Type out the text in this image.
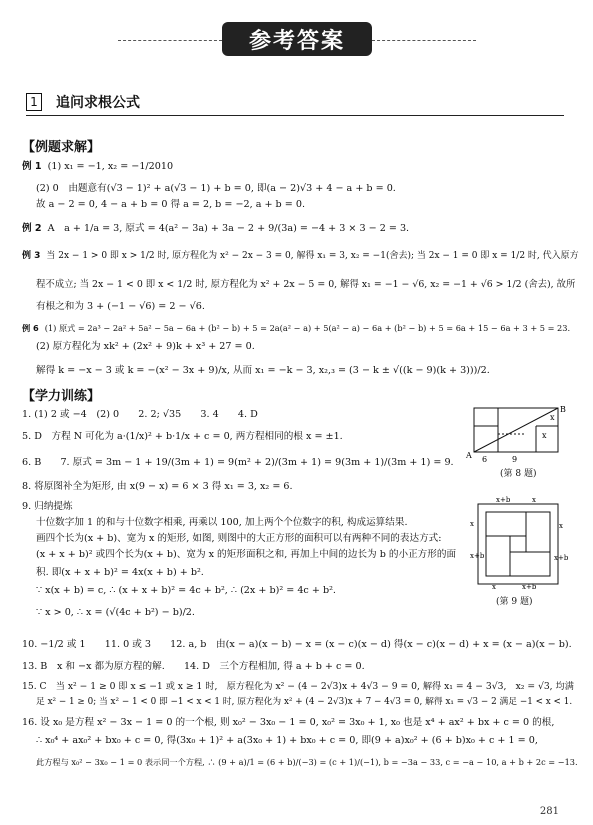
参考答案
1 追问求根公式
【例题求解】
【学力训练】
例 1 (1) x₁ = −1, x₂ = −1/2010
(2) 0　由题意有(√3 − 1)² + a(√3 − 1) + b = 0, 即(a − 2)√3 + 4 − a + b = 0.
故 a − 2 = 0, 4 − a + b = 0 得 a = 2, b = −2, a + b = 0.
例 2 A　a + 1/a = 3, 原式 = 4(a² − 3a) + 3a − 2 + 9/(3a) = −4 + 3 × 3 − 2 = 3.
例 3 当 2x − 1 > 0 即 x > 1/2 时, 原方程化为 x² − 2x − 3 = 0, 解得 x₁ = 3, x₂ = −1(舍去); 当 2x − 1 = 0 即 x = 1/2 时, 代入原方
程不成立; 当 2x − 1 < 0 即 x < 1/2 时, 原方程化为 x² + 2x − 5 = 0, 解得 x₁ = −1 − √6, x₂ = −1 + √6 > 1/2 (舍去), 故所
有根之和为 3 + (−1 − √6) = 2 − √6.
例 6 (1) 原式 = 2a³ − 2a² + 5a² − 5a − 6a + (b² − b) + 5 = 2a(a² − a) + 5(a² − a) − 6a + (b² − b) + 5 = 6a + 15 − 6a + 3 + 5 = 23.
(2) 原方程化为 xk² + (2x² + 9)k + x³ + 27 = 0.
解得 k = −x − 3 或 k = −(x² − 3x + 9)/x, 从而 x₁ = −k − 3, x₂,₃ = (3 − k ± √((k − 9)(k + 3)))/2.
1. (1) 2 或 −4　(2) 0　　2. 2; √35　　3. 4　　4. D
5. D　方程 N 可化为 a·(1/x)² + b·1/x + c = 0, 两方程相同的根 x = ±1.
6. B　　7. 原式 = 3m − 1 + 19/(3m + 1) = 9(m² + 2)/(3m + 1) = 9(3m + 1)/(3m + 1) = 9.
8. 将原图补全为矩形, 由 x(9 − x) = 6 × 3 得 x₁ = 3, x₂ = 6.
9. 归纳提炼
十位数字加 1 的和与十位数字相乘, 再乘以 100, 加上两个个位数字的积, 构成运算结果.
画四个长为(x + b)、宽为 x 的矩形, 如图, 则图中的大正方形的面积可以有两种不同的表达方式:
(x + x + b)² 或四个长为(x + b)、宽为 x 的矩形面积之和, 再加上中间的边长为 b 的小正方形的面
积. 即(x + x + b)² = 4x(x + b) + b².
∵ x(x + b) = c, ∴ (x + x + b)² = 4c + b², ∴ (2x + b)² = 4c + b².
∵ x > 0, ∴ x = (√(4c + b²) − b)/2.
10. −1/2 或 1　　11. 0 或 3　　12. a, b　由(x − a)(x − b) − x = (x − c)(x − d) 得(x − c)(x − d) + x = (x − a)(x − b).
13. B　x 和 −x 都为原方程的解.　　14. D　三个方程相加, 得 a + b + c = 0.
15. C　当 x² − 1 ≥ 0 即 x ≤ −1 或 x ≥ 1 时,　原方程化为 x² − (4 − 2√3)x + 4√3 − 9 = 0, 解得 x₁ = 4 − 3√3,　x₂ = √3, 均满
足 x² − 1 ≥ 0; 当 x² − 1 < 0 即 −1 < x < 1 时, 原方程化为 x² + (4 − 2√3)x + 7 − 4√3 = 0, 解得 x₁ = √3 − 2 满足 −1 < x < 1.
16. 设 x₀ 是方程 x² − 3x − 1 = 0 的一个根, 则 x₀² − 3x₀ − 1 = 0, x₀² = 3x₀ + 1, x₀ 也是 x⁴ + ax² + bx + c = 0 的根,
∴ x₀⁴ + ax₀² + bx₀ + c = 0, 得(3x₀ + 1)² + a(3x₀ + 1) + bx₀ + c = 0, 即(9 + a)x₀² + (6 + b)x₀ + c + 1 = 0,
此方程与 x₀² − 3x₀ − 1 = 0 表示同一个方程, ∴ (9 + a)/1 = (6 + b)/(−3) = (c + 1)/(−1), b = −3a − 33, c = −a − 10, a + b + 2c = −13.
B
A 6	9
x
x
(第 8 题)
x+b	x
x
x+b
x
x+b
x	x+b
(第 9 题)
281
